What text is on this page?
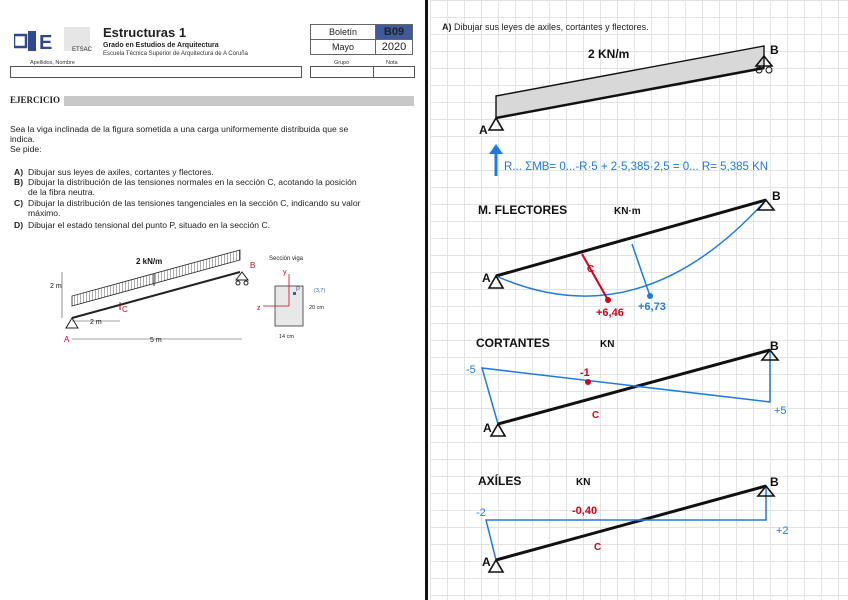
E	ETSAC
Estructuras 1
Grado en Estudios de Arquitectura
Escuela Técnica Superior de Arquitectura de A Coruña
Boletín	B09
Mayo	2020
Apellidos, Nombre	Grupo	Nota
EJERCICIO
Sea la viga inclinada de la figura sometida a una carga uniformemente distribuida que se
indica.
Se pide:
A) Dibujar sus leyes de axiles, cortantes y flectores.
B) Dibujar la distribución de las tensiones normales en la sección C, acotando la posición
de la fibra neutra.
C) Dibujar la distribución de las tensiones tangenciales en la sección C, indicando su valor
máximo.
D) Dibujar el estado tensional del punto P, situado en la sección C.
2 kN/m	B
A
C
2 m
2 m
5 m
Sección viga
y
z
P	(3,7)
20 cm
14 cm
A) Dibujar sus leyes de axiles, cortantes y flectores.
2 KN/m
A
B
R... ΣMB= 0...-R·5 + 2·5,385·2,5 = 0... R= 5,385 KN
M. FLECTORES	KN·m
C
+6,46 +6,73
A
B
CORTANTES	KN
-5
+5
-1
C
A
B
AXÍLES	KN
-2
+2
-0,40
C
A
B
